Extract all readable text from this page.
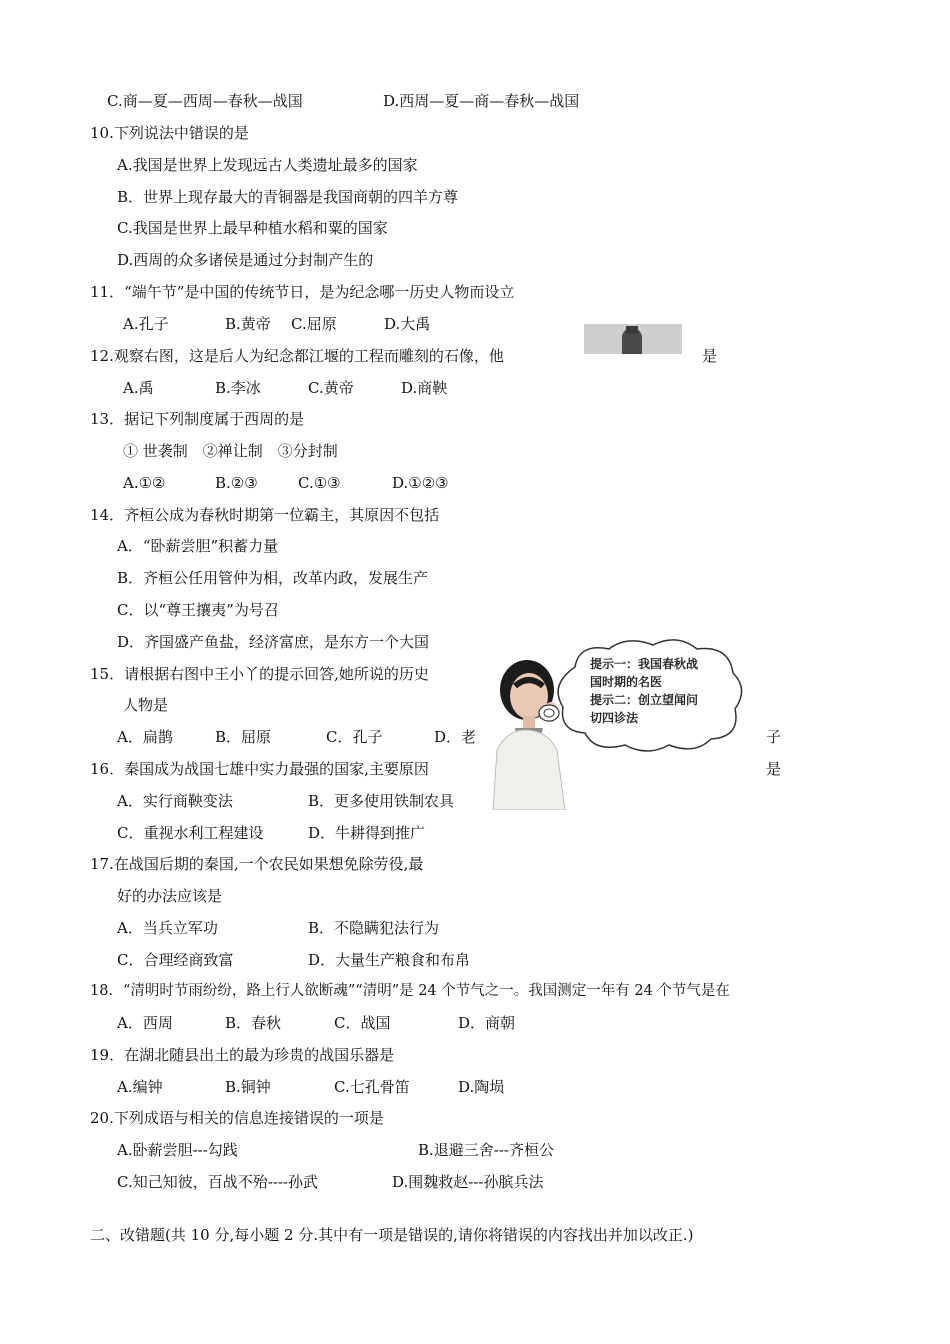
C.商—夏—西周—春秋—战国	D.西周—夏—商—春秋—战国
10.下列说法中错误的是
A.我国是世界上发现远古人类遗址最多的国家
B．世界上现存最大的青铜器是我国商朝的四羊方尊
C.我国是世界上最早种植水稻和粟的国家
D.西周的众多诸侯是通过分封制产生的
11．“端午节”是中国的传统节日，是为纪念哪一历史人物而设立
A.孔子	B.黄帝 C.屈原	D.大禹
12.观察右图，这是后人为纪念都江堰的工程而雕刻的石像，他	是
A.禹	B.李冰	C.黄帝	D.商鞅
13．据记下列制度属于西周的是
① 世袭制　②禅让制　③分封制
A.①②	B.②③	C.①③	D.①②③
14．齐桓公成为春秋时期第一位霸主，其原因不包括
A．“卧薪尝胆”积蓄力量
B．齐桓公任用管仲为相，改革内政，发展生产
C．以“尊王攘夷”为号召
D．齐国盛产鱼盐，经济富庶，是东方一个大国
15．请根据右图中王小丫的提示回答,她所说的历史
人物是
A．扁鹊	B．屈原	C．孔子	D．老	子
提示一：我国春秋战
国时期的名医
提示二：创立望闻问
切四诊法
16．秦国成为战国七雄中实力最强的国家,主要原因	是
A．实行商鞅变法	B．更多使用铁制农具
C．重视水利工程建设	D．牛耕得到推广
17.在战国后期的秦国,一个农民如果想免除劳役,最
好的办法应该是
A．当兵立军功	B．不隐瞒犯法行为
C．合理经商致富	D．大量生产粮食和布帛
18．“清明时节雨纷纷，路上行人欲断魂”“清明”是 24 个节气之一。我国测定一年有 24 个节气是在
A．西周	B．春秋	C．战国	D．商朝
19．在湖北随县出土的最为珍贵的战国乐器是
A.编钟	B.铜钟	C.七孔骨笛	D.陶埙
20.下列成语与相关的信息连接错误的一项是
A.卧薪尝胆---勾践	B.退避三舍---齐桓公
C.知己知彼，百战不殆----孙武	D.围魏救赵---孙膑兵法
二、改错题(共 10 分,每小题 2 分.其中有一项是错误的,请你将错误的内容找出并加以改正.)
